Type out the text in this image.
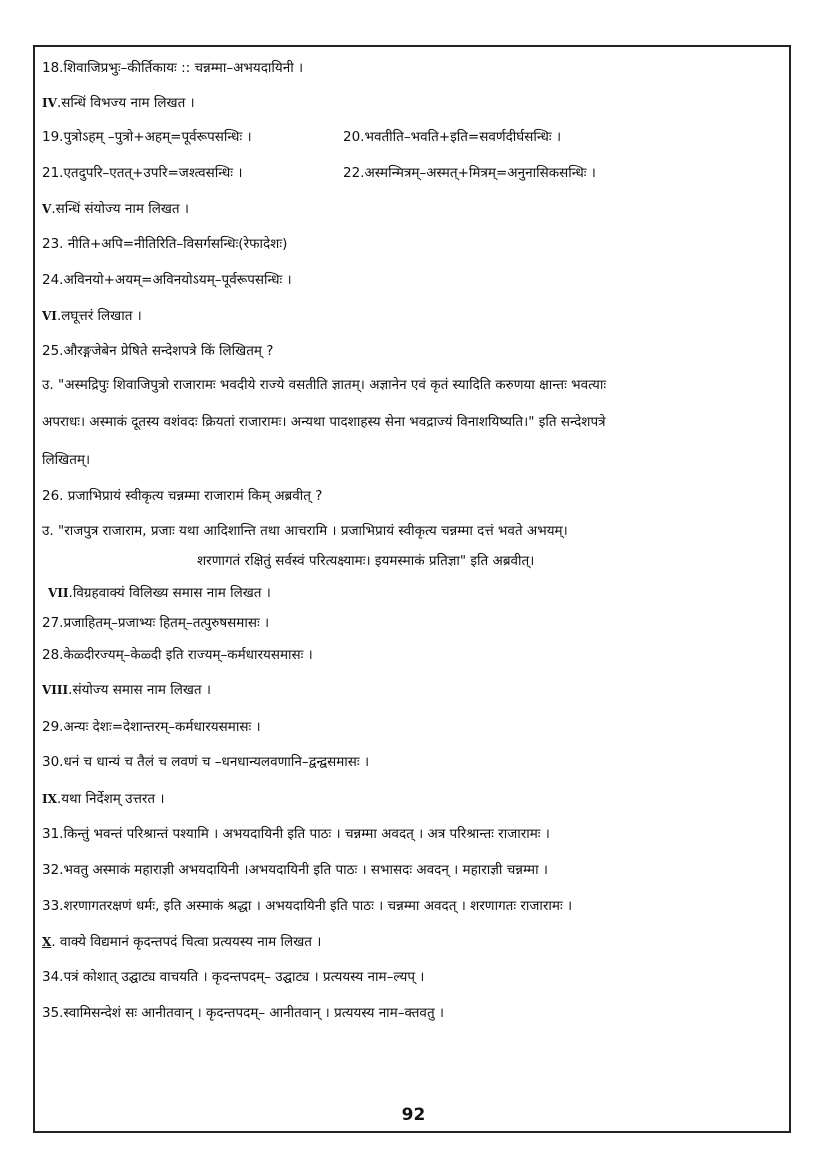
18.शिवाजिप्रभुः–कीर्तिकायः :: चन्नम्मा–अभयदायिनी ।
IV.सन्धिं विभज्य नाम लिखत ।
19.पुत्रोऽहम् –पुत्रो+अहम्=पूर्वरूपसन्धिः ।	20.भवतीति–भवति+इति=सवर्णदीर्घसन्धिः ।
21.एतदुपरि–एतत्+उपरि=जश्त्वसन्धिः ।	22.अस्मन्मित्रम्–अस्मत्+मित्रम्=अनुनासिकसन्धिः ।
V.सन्धिं संयोज्य नाम लिखत ।
23. नीति+अपि=नीतिरिति–विसर्गसन्धिः(रेफादेशः)
24.अविनयो+अयम्=अविनयोऽयम्–पूर्वरूपसन्धिः ।
VI.लघूत्तरं लिखात ।
25.औरङ्गजेबेन प्रेषिते सन्देशपत्रे किं लिखितम् ?
उ. "अस्मद्रिपुः शिवाजिपुत्रो राजारामः भवदीये राज्ये वसतीति ज्ञातम्। अज्ञानेन एवं कृतं स्यादिति करुणया क्षान्तः भवत्याः
अपराधः। अस्माकं दूतस्य वशंवदः क्रियतां राजारामः। अन्यथा पादशाहस्य सेना भवद्राज्यं विनाशयिष्यति।" इति सन्देशपत्रे
लिखितम्।
26. प्रजाभिप्रायं स्वीकृत्य चन्नम्मा राजारामं किम् अब्रवीत् ?
उ. "राजपुत्र राजाराम, प्रजाः यथा आदिशान्ति तथा आचरामि । प्रजाभिप्रायं स्वीकृत्य चन्नम्मा दत्तं भवते अभयम्।
शरणागतं रक्षितुं सर्वस्वं परित्यक्ष्यामः। इयमस्माकं प्रतिज्ञा" इति अब्रवीत्।
VII.विग्रहवाक्यं विलिख्य समास नाम लिखत ।
27.प्रजाहितम्–प्रजाभ्यः हितम्–तत्पुरुषसमासः ।
28.केळ्दीरज्यम्–केळ्दी इति राज्यम्–कर्मधारयसमासः ।
VIII.संयोज्य समास नाम लिखत ।
29.अन्यः देशः=देशान्तरम्–कर्मधारयसमासः ।
30.धनं च धान्यं च तैलं च लवणं च –धनधान्यलवणानि–द्वन्द्वसमासः ।
IX.यथा निर्देशम् उत्तरत ।
31.किन्तुं भवन्तं परिश्रान्तं पश्यामि । अभयदायिनी इति पाठः । चन्नम्मा अवदत् । अत्र परिश्रान्तः राजारामः ।
32.भवतु अस्माकं महाराज्ञी अभयदायिनी ।अभयदायिनी इति पाठः । सभासदः अवदन् । महाराज्ञी चन्नम्मा ।
33.शरणागतरक्षणं धर्मः, इति अस्माकं श्रद्धा । अभयदायिनी इति पाठः । चन्नम्मा अवदत् । शरणागतः राजारामः ।
X. वाक्ये विद्यमानं कृदन्तपदं चित्वा प्रत्ययस्य नाम लिखत ।
34.पत्रं कोशात् उद्घाट्य वाचयति । कृदन्तपदम्– उद्घाट्य । प्रत्ययस्य नाम–ल्यप् ।
35.स्वामिसन्देशं सः आनीतवान् । कृदन्तपदम्– आनीतवान् । प्रत्ययस्य नाम–क्तवतु ।
92
